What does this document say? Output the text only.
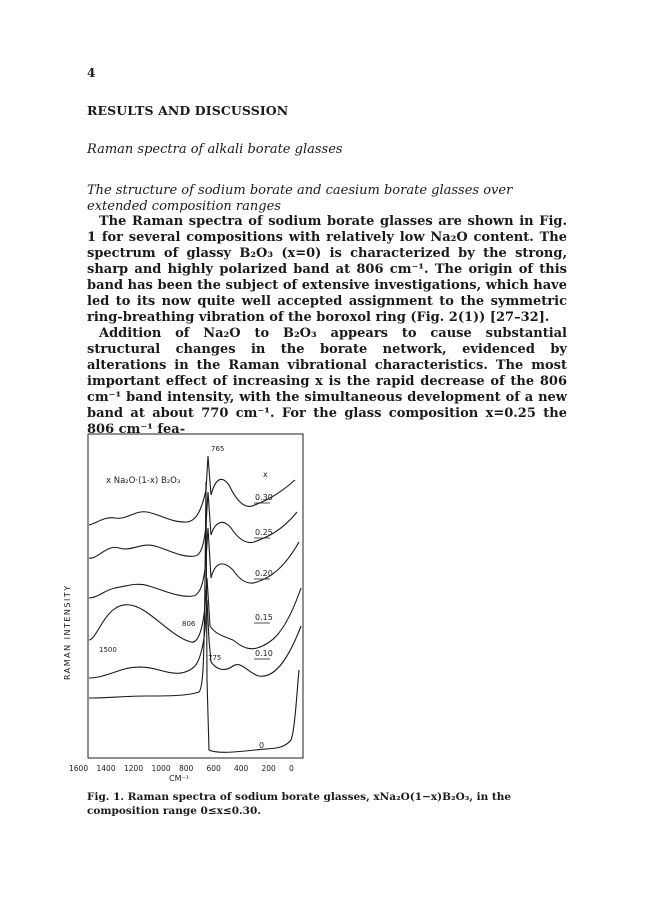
4
RESULTS AND DISCUSSION
Raman spectra of alkali borate glasses
The structure of sodium borate and caesium borate glasses over extended composition ranges

The Raman spectra of sodium borate glasses are shown in Fig. 1 for several compositions with relatively low Na₂O content. The spectrum of glassy B₂O₃ (x=0) is characterized by the strong, sharp and highly polarized band at 806 cm⁻¹. The origin of this band has been the subject of extensive investigations, which have led to its now quite well accepted assignment to the symmetric ring-breathing vibration of the boroxol ring (Fig. 2(1)) [27–32].

Addition of Na₂O to B₂O₃ appears to cause substantial structural changes in the borate network, evidenced by alterations in the Raman vibrational characteristics. The most important effect of increasing x is the rapid decrease of the 806 cm⁻¹ band intensity, with the simultaneous development of a new band at about 770 cm⁻¹. For the glass composition x=0.25 the 806 cm⁻¹ fea-

x Na₂O·(1-x) B₂O₃
x
765
806
775
1500
0.30
0.25
0.20
0.15
0.10
0
RAMAN INTENSITY
1600 1400 1200 1000 800 600 400 200 0
CM⁻¹
Fig. 1. Raman spectra of sodium borate glasses, xNa₂O(1−x)B₂O₃, in the composition range 0≤x≤0.30.
